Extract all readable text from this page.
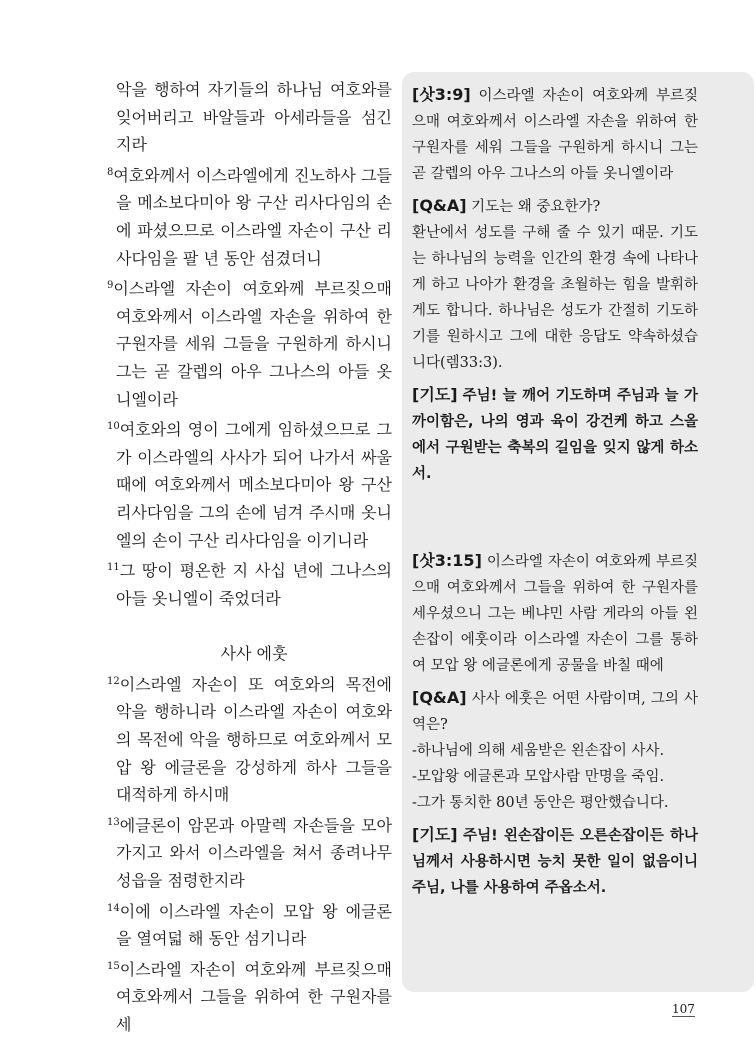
악을 행하여 자기들의 하나님 여호와를 잊어버리고 바알들과 아세라들을 섬긴지라

$^8$여호와께서 이스라엘에게 진노하사 그들을 메소보다미아 왕 구산 리사다임의 손에 파셨으므로 이스라엘 자손이 구산 리사다임을 팔 년 동안 섬겼더니

$^9$이스라엘 자손이 여호와께 부르짖으매 여호와께서 이스라엘 자손을 위하여 한 구원자를 세워 그들을 구원하게 하시니 그는 곧 갈렙의 아우 그나스의 아들 옷니엘이라

$^{10}$여호와의 영이 그에게 임하셨으므로 그가 이스라엘의 사사가 되어 나가서 싸울 때에 여호와께서 메소보다미아 왕 구산 리사다임을 그의 손에 넘겨 주시매 옷니엘의 손이 구산 리사다임을 이기니라

$^{11}$그 땅이 평온한 지 사십 년에 그나스의 아들 옷니엘이 죽었더라

사사 에훗

$^{12}$이스라엘 자손이 또 여호와의 목전에 악을 행하니라 이스라엘 자손이 여호와의 목전에 악을 행하므로 여호와께서 모압 왕 에글론을 강성하게 하사 그들을 대적하게 하시매

$^{13}$에글론이 암몬과 아말렉 자손들을 모아 가지고 와서 이스라엘을 쳐서 종려나무 성읍을 점령한지라

$^{14}$이에 이스라엘 자손이 모압 왕 에글론을 열여덟 해 동안 섬기니라

$^{15}$이스라엘 자손이 여호와께 부르짖으매 여호와께서 그들을 위하여 한 구원자를 세

[삿3:9] 이스라엘 자손이 여호와께 부르짖으매 여호와께서 이스라엘 자손을 위하여 한 구원자를 세워 그들을 구원하게 하시니 그는 곧 갈렙의 아우 그나스의 아들 옷니엘이라

[Q&A] 기도는 왜 중요한가?

환난에서 성도를 구해 줄 수 있기 때문. 기도는 하나님의 능력을 인간의 환경 속에 나타나게 하고 나아가 환경을 초월하는 힘을 발휘하게도 합니다. 하나님은 성도가 간절히 기도하기를 원하시고 그에 대한 응답도 약속하셨습니다(렘33:3).

[기도] 주님! 늘 깨어 기도하며 주님과 늘 가까이함은, 나의 영과 육이 강건케 하고 스올에서 구원받는 축복의 길임을 잊지 않게 하소서.

[삿3:15] 이스라엘 자손이 여호와께 부르짖으매 여호와께서 그들을 위하여 한 구원자를 세우셨으니 그는 베냐민 사람 게라의 아들 왼손잡이 에훗이라 이스라엘 자손이 그를 통하여 모압 왕 에글론에게 공물을 바칠 때에

[Q&A] 사사 에훗은 어떤 사람이며, 그의 사역은?

-하나님에 의해 세움받은 왼손잡이 사사.
-모압왕 에글론과 모압사람 만명을 죽임.
-그가 통치한 80년 동안은 평안했습니다.

[기도] 주님! 왼손잡이든 오른손잡이든 하나님께서 사용하시면 능치 못한 일이 없음이니 주님, 나를 사용하여 주옵소서.

107
